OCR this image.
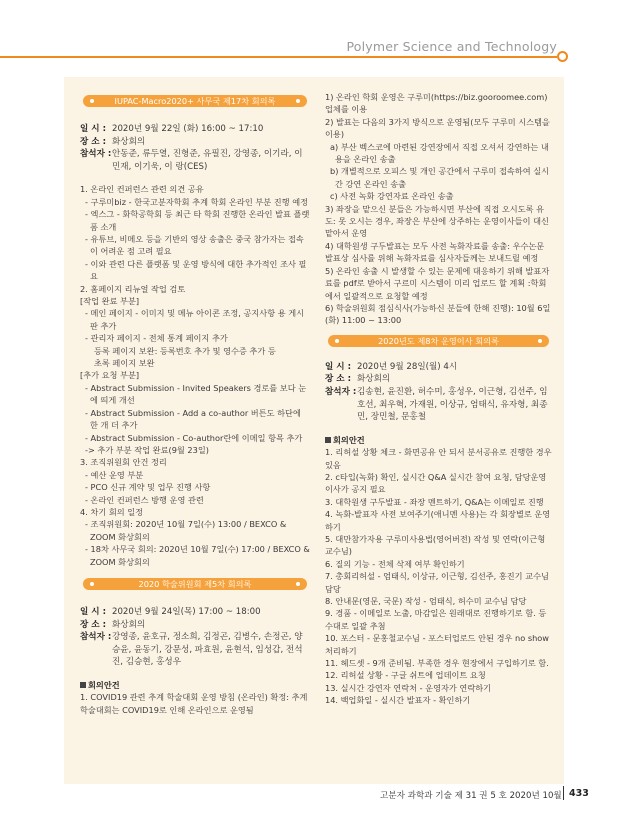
Polymer Science and Technology
IUPAC-Macro2020+ 사무국 제17차 회의록
일 시 : 2020년 9월 22일 (화) 16:00 ~ 17:10
장 소 : 화상회의
참석자 : 안동준, 류두열, 진형준, 유필진, 강영종, 이기라, 이민재, 이기욱, 이 랑(CES)
1. 온라인 컨퍼런스 관련 의견 공유
- 구루미biz - 한국고분자학회 추계 학회 온라인 부분 진행 예정
- 엑스그 - 화학공학회 등 최근 타 학회 진행한 온라인 발표 플랫폼 소개
- 유튜브, 비메오 등을 기반의 영상 송출은 중국 참가자는 접속이 어려운 점 고려 필요
- 이와 관련 다른 플랫폼 및 운영 방식에 대한 추가적인 조사 필요
2. 홈페이지 리뉴얼 작업 검토
[작업 완료 부분]
- 메인 페이지 - 이미지 및 메뉴 아이콘 조정, 공지사항 용 게시판 추가
- 관리자 페이지 - 전체 통계 페이지 추가
등록 페이지 보완: 등록번호 추가 및 영수증 추가 등
초록 페이지 보완
[추가 요청 부분]
- Abstract Submission - Invited Speakers 경로를 보다 눈에 띄게 개선
- Abstract Submission - Add a co-author 버튼도 하단에 한 개 더 추가
- Abstract Submission - Co-author란에 이메일 항목 추가
-> 추가 부분 작업 완료(9월 23일)
3. 조직위원회 안건 정리
- 예산 운영 부분
- PCO 신규 계약 및 업무 진행 사항
- 온라인 컨퍼런스 방행 운영 관련
4. 차기 회의 일정
- 조직위원회: 2020년 10월 7일(수) 13:00 / BEXCO & ZOOM 화상회의
- 18차 사무국 회의: 2020년 10월 7일(수) 17:00 / BEXCO & ZOOM 화상회의
2020 학술위원회 제5차 회의록
일 시 : 2020년 9월 24일(목) 17:00 ~ 18:00
장 소 : 화상회의
참석자 : 강영종, 윤호규, 정소희, 김정곤, 김병수, 손정곤, 양승윤, 윤동기, 강문성, 파효원, 윤현석, 임성갑, 전석진, 김승현, 홍성우
회의안건
1. COVID19 관련 추계 학술대회 운영 방침 (온라인) 확정: 추계 학술대회는 COVID19로 인해 온라인으로 운영됨
1) 온라인 학회 운영은 구루미(https://biz.gooroomee.com) 업체를 이용
2) 발표는 다음의 3가지 방식으로 운영됨(모두 구루미 시스템을 이용)
a) 부산 벡스코에 마련된 강연장에서 직접 오셔서 강연하는 내용을 온라인 송출
b) 개별적으로 오피스 및 개인 공간에서 구루미 접속하여 실시간 강연 온라인 송출
c) 사전 녹화 강연자료 온라인 송출
3) 좌장을 맡으신 분들은 가능하시면 부산에 직접 오시도록 유도: 못 오시는 경우, 좌장은 부산에 상주하는 운영이사들이 대신 맡아서 운영
4) 대학원생 구두발표는 모두 사전 녹화자료를 송출: 우수논문발표상 심사를 위해 녹화자료를 심사자들께는 보내드릴 예정
5) 온라인 송출 시 발생할 수 있는 문제에 대응하기 위해 발표자료를 pdf로 받아서 구르미 시스템이 미리 업로드 할 계획 :학회에서 일괄적으로 요청할 예정
6) 학술위원회 점심식사(가능하신 분들에 한해 진행): 10월 6일(화) 11:00 ~ 13:00
2020년도 제8차 운영이사 회의록
일 시 : 2020년 9월 28일(월) 4시
장 소 : 화상회의
참석자 : 김송현, 윤진환, 허수미, 홍성우, 이근형, 김선주, 임호선, 최우혁, 가재원, 이상규, 엄태식, 유자형, 최종민, 장민철, 문홍철
회의안건
1. 리허설 상황 체크 - 화면공유 안 되서 분서공유로 진행한 경우 있음
2. c타입(녹화) 확인, 실시간 Q&A 실시간 참여 요청, 담당운영이사가 공지 필요
3. 대학원생 구두발표 - 좌장 멘트하기, Q&A는 이메일로 진행
4. 녹화-발표자 사전 보여주기(애니멘 사용)는 각 회장별로 운영하기
5. 대만참가자용 구루미사용법(영어버전) 작성 및 연락(이근형 교수님)
6. 질의 기능 - 전체 삭제 여부 확인하기
7. 총회리허설 - 엄태식, 이상규, 이근형, 김선주, 홍진기 교수님 담당
8. 안내문(영문, 국문) 작성 - 엄태식, 허수미 교수님 담당
9. 경품 - 이메일로 노출, 마감일은 원래대로 진행하기로 함. 등수대로 일괄 추첨
10. 포스터 - 문홍철교수님 - 포스터업로드 안된 경우 no show 처리하기
11. 헤드셋 - 9개 준비됨. 부족한 경우 현장에서 구입하기로 함.
12. 리허설 상황 - 구글 쉬트에 업데이트 요청
13. 실시간 강연자 연락처 - 운영자가 연락하기
14. 백업화일 - 실시간 발표자 - 확인하기
고분자 과학과 기술 제 31 권 5 호 2020년 10월 433
